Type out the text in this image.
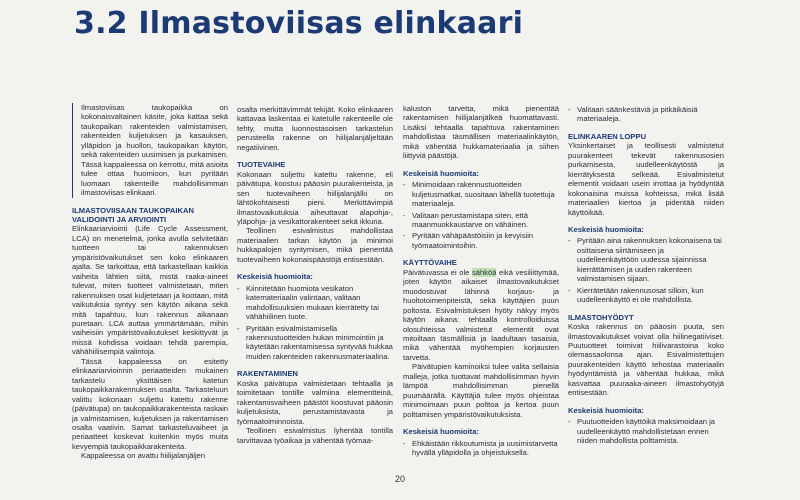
3.2 Ilmastoviisas elinkaari

Ilmastoviisas taukopaikka on kokonaisvaltainen käsite, joka kattaa sekä taukopaikan rakenteiden valmistamisen, rakenteiden kuljetuksen ja kasauksen, ylläpidon ja huollon, taukopaikan käytön, sekä rakenteiden uusimisen ja purkamisen. Tässä kappaleessa on kerrottu, mitä asioita tulee ottaa huomioon, kun pyritään luomaan rakenteille mahdollisimman ilmastoviisas elinkaari.

ILMASTOVIISAAN TAUKOPAIKAN VALIDOINTI JA ARVIOINTI

Elinkaariarviointi (Life Cycle Assessment, LCA) on menetelmä, jonka avulla selvitetään tuotteen tai rakennuksen ympäristövaikutukset sen koko elinkaaren ajalta. Se tarkoittaa, että tarkastellaan kaikkia vaiheita lähtien siitä, mistä raaka-aineet tulevat, miten tuotteet valmistetaan, miten rakennuksen osat kuljetetaan ja kootaan, mitä vaikutuksia syntyy sen käytön aikana sekä mitä tapahtuu, kun rakennus aikanaan puretaan. LCA auttaa ymmärtämään, mihin vaiheisiin ympäristövaikutukset keskittyvät ja missä kohdissa voidaan tehdä parempia, vähähiilisempiä valintoja.

Tässä kappaleessa on esitetty elinkaariarvioinnin periaatteiden mukainen tarkastelu yksittäisen katetun taukopaikkarakennuksen osalta. Tarkasteluun valittu kokonaan suljettu katettu rakenne (päivätupa) on taukopaikkarakenteista raskain ja valmistamisen, kuljetuksen ja rakentamisen osalta vaativin. Samat tarkasteluvaiheet ja periaatteet koskevat kuitenkin myös muita kevyempiä taukopaikkarakenteita.

Kappaleessa on avattu hiilijalanjäljen

osalta merkittävimmät tekijät. Koko elinkaaren kattavaa laskentaa ei katetulle rakenteelle ole tehty, mutta luonnostasoisen tarkastelun perusteella rakenne on hiilijalanjäljeltään negatiivinen.

TUOTEVAIHE

Kokonaan suljettu katettu rakenne, eli päivätupa, koostuu pääosin puurakenteista, ja sen tuotevaiheen hiilijalanjälki on lähtökohtaisesti pieni. Merkittävimpiä ilmastovaikutuksia aiheuttavat alapohja-, yläpohja- ja vesikattorakenteet sekä ikkuna.

Teollinen esivalmistus mahdollistaa materiaalien tarkan käytön ja minimoi hukkapalojen syntymisen, mikä pienentää tuotevaiheen kokonaispäästöjä entisestään.

Keskeisiä huomioita:
- Kiinnitetään huomiota vesikaton katemateriaalin valintaan, valitaan mahdollisuuksien mukaan kierrätetty tai vähähiilinen tuote.
- Pyritään esivalmistamisella rakennustuotteiden hukan minimointiin ja käytetään rakentamisessa syntyvää hukkaa muiden rakenteiden rakennusmateriaalina.
RAKENTAMINEN

Koska päivätupa valmistetaan tehtaalla ja toimitetaan tontille valmiina elementteinä, rakentamisvaiheen päästöt koostuvat pääosin kuljetuksista, perustamistavasta ja työmaatoiminnoista.

Teollinen esivalmistus lyhentää tontilla tarvittavaa työaikaa ja vähentää työmaa-

kaluston tarvetta, mikä pienentää rakentamisen hiilijalanjälkeä huomattavasti. Lisäksi tehtaalla tapahtuva rakentaminen mahdollistaa täsmällisen materiaalinkäytön, mikä vähentää hukkamateriaalia ja siihen liittyviä päästöjä.

Keskeisiä huomioita:
- Minimoidaan rakennustuotteiden kuljetusmatkat, suositaan lähellä tuotettuja materiaaleja.
- Valitaan perustamistapa siten, että maanmuokkaustarve on vähäinen.
- Pyritään vähäpäästöisiin ja kevyisiin työmaatoimintoihin.
KÄYTTÖVAIHE

Päivätuvassa ei ole sähköä eikä vesiliittymää, joten käytön aikaiset ilmastovaikutukset muodostuvat lähinnä korjaus- ja huoltotoimenpiteistä, sekä käyttäjien puun poltosta. Esivalmistuksen hyöty näkyy myös käytön aikana: tehtaalla kontrolloiduissa olosuhteissa valmistetut elementit ovat mitoiltaan täsmällisiä ja laadultaan tasaisia, mikä vähentää myöhempien korjausten tarvetta.

Päivätupien kaminoiksi tulee valita sellaisia malleja, jotka tuottavat mahdollisimman hyvin lämpöä mahdollisimman pienellä puumäärällä. Käyttäjiä tulee myös ohjeistaa minimoimaan puun polttoa ja kertoa puun polttamisen ympäristövaikutuksista.

Keskeisiä huomioita:
- Ehkäistään rikkoutumista ja uusimistarvetta hyvällä ylläpidolla ja ohjeistuksella.
- Valitaan säänkestäviä ja pitkäikäisiä materiaaleja.
ELINKAAREN LOPPU

Yksinkertaiset ja teollisesti valmistetut puurakenteet tekevät rakennusosien purkamisesta, uudelleenkäytöstä ja kierrätyksestä selkeää. Esivalmistetut elementit voidaan usein irrottaa ja hyödyntää kokonaisina muissa kohteissa, mikä lisää materiaalien kiertoa ja pidentää niiden käyttöikää.

Keskeisiä huomioita:
- Pyritään aina rakennuksen kokonaisena tai osittaisena siirtämiseen ja uudelleenkäyttöön uudessa sijainnissa kierrättämisen ja uuden rakenteen valmistamisen sijaan.
- Kierrätetään rakennusosat silloin, kun uudelleenkäyttö ei ole mahdollista.
ILMASTOHYÖDYT

Koska rakennus on pääosin puuta, sen ilmastovaikutukset voivat olla hiilinegatiiviset. Puutuotteet toimivat hiilivarastoina koko olemassaolonsa ajan. Esivalmistettujen puurakenteiden käyttö tehostaa materiaalin hyödyntämistä ja vähentää hukkaa, mikä kasvattaa puuraaka-aineen ilmastohyötyjä entisestään.

Keskeisiä huomioita:
- Puutuotteiden käyttöikä maksimoidaan ja uudelleenkäyttö mahdollistetaan ennen niiden mahdollista polttamista.
20
